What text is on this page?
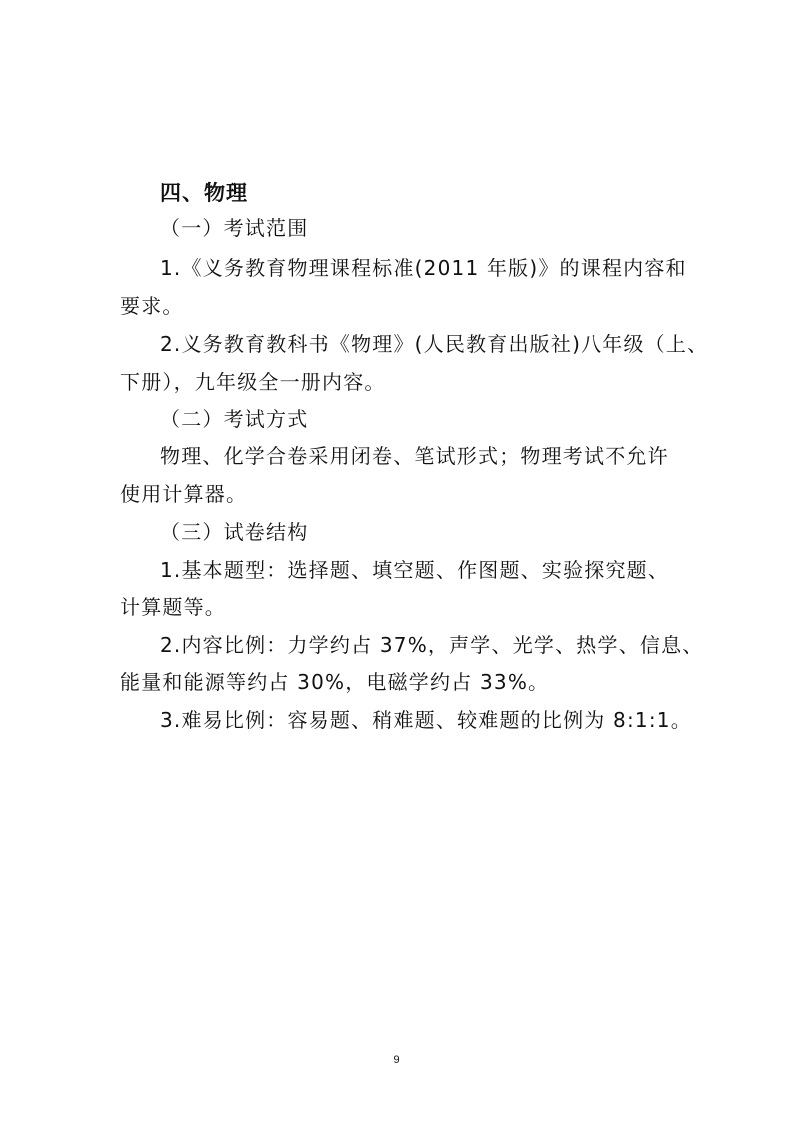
四、物理
（一）考试范围
1.《义务教育物理课程标准(2011 年版)》的课程内容和
要求。
2.义务教育教科书《物理》(人民教育出版社)八年级（上、
下册），九年级全一册内容。
（二）考试方式
物理、化学合卷采用闭卷、笔试形式；物理考试不允许
使用计算器。
（三）试卷结构
1.基本题型：选择题、填空题、作图题、实验探究题、
计算题等。
2.内容比例：力学约占 37%，声学、光学、热学、信息、
能量和能源等约占 30%，电磁学约占 33%。
3.难易比例：容易题、稍难题、较难题的比例为 8:1:1。
9
